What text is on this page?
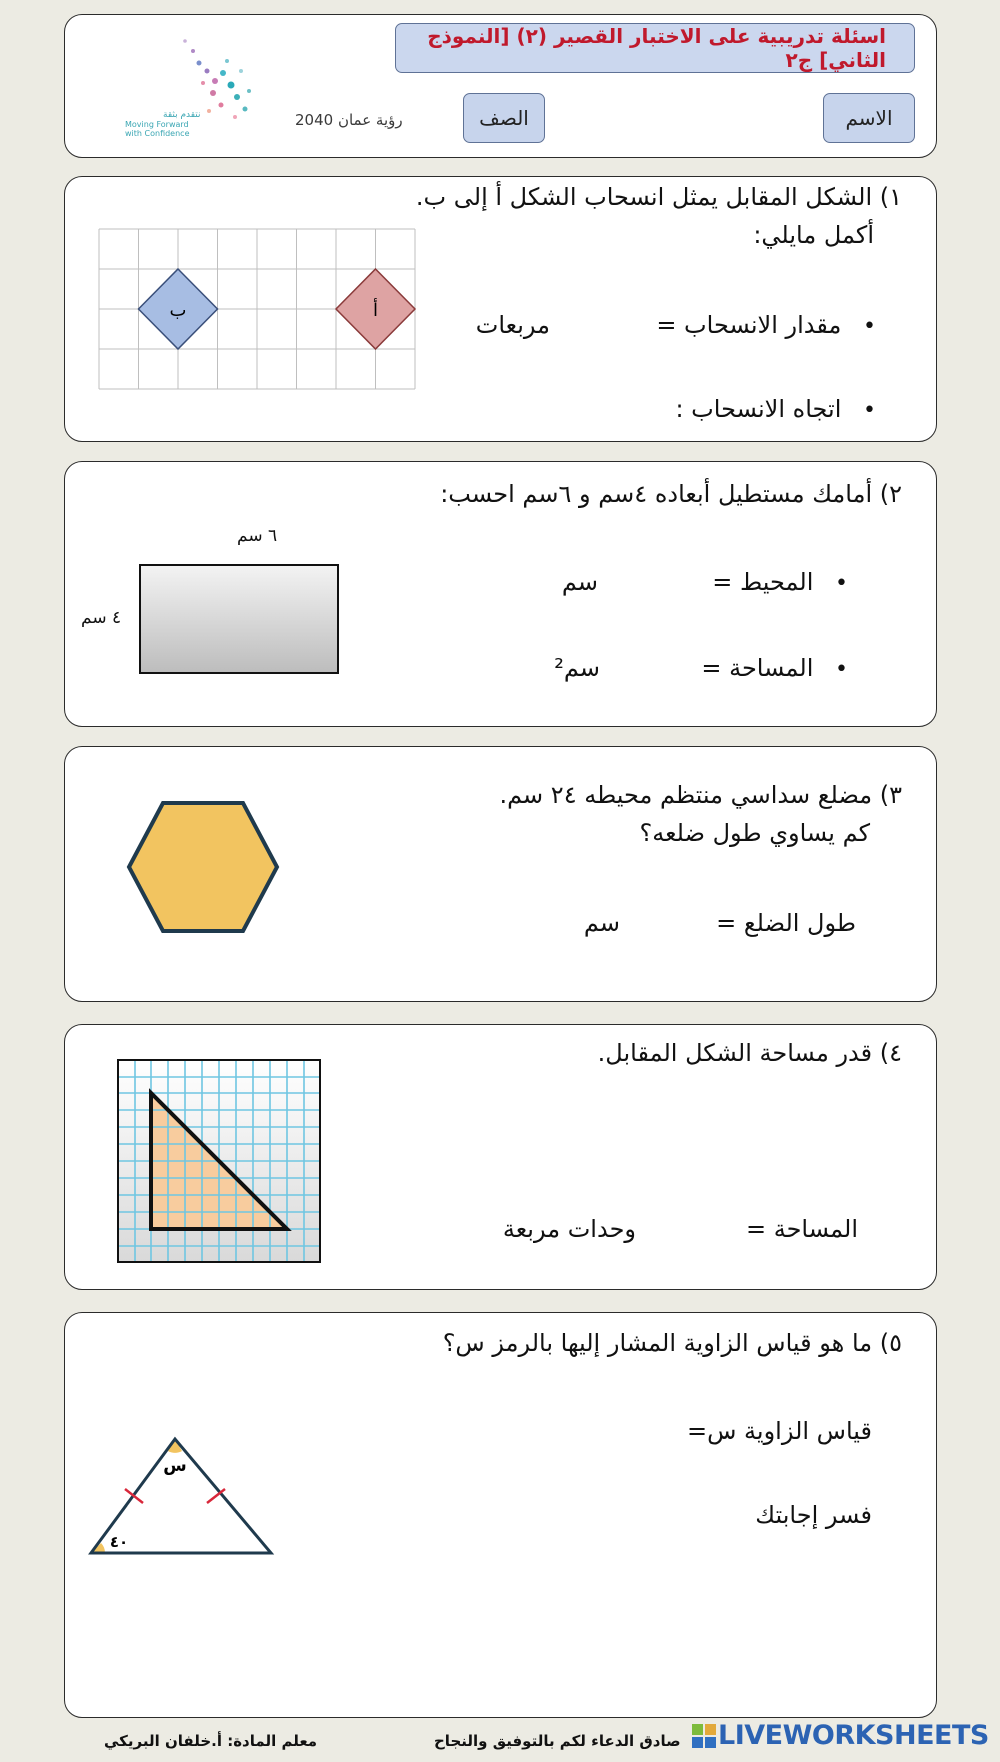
اسئلة تدريبية على الاختبار القصير (٢) [النموذج الثاني] ج٢
الاسم
الصف
رؤية عمان 2040
نتقدم بثقة
Moving Forward
with Confidence
١) الشكل المقابل يمثل انسحاب الشكل أ إلى ب.
أكمل مايلي:
• مقدار الانسحاب =
مربعات
• اتجاه الانسحاب :
ب	أ
٢) أمامك مستطيل أبعاده ٤سم و ٦سم احسب:
• المحيط =
سم
• المساحة =
سم²
٦ سم
٤ سم
٣) مضلع سداسي منتظم محيطه ٢٤ سم.
كم يساوي طول ضلعه؟
طول الضلع =
سم
٤) قدر مساحة الشكل المقابل.
المساحة =
وحدات مربعة
٥) ما هو قياس الزاوية المشار إليها بالرمز س؟
قياس الزاوية س=
فسر إجابتك
س
٤٠
معلم المادة: أ.خلفان البريكي	صادق الدعاء لكم بالتوفيق والنجاح LIVEWORKSHEETS
